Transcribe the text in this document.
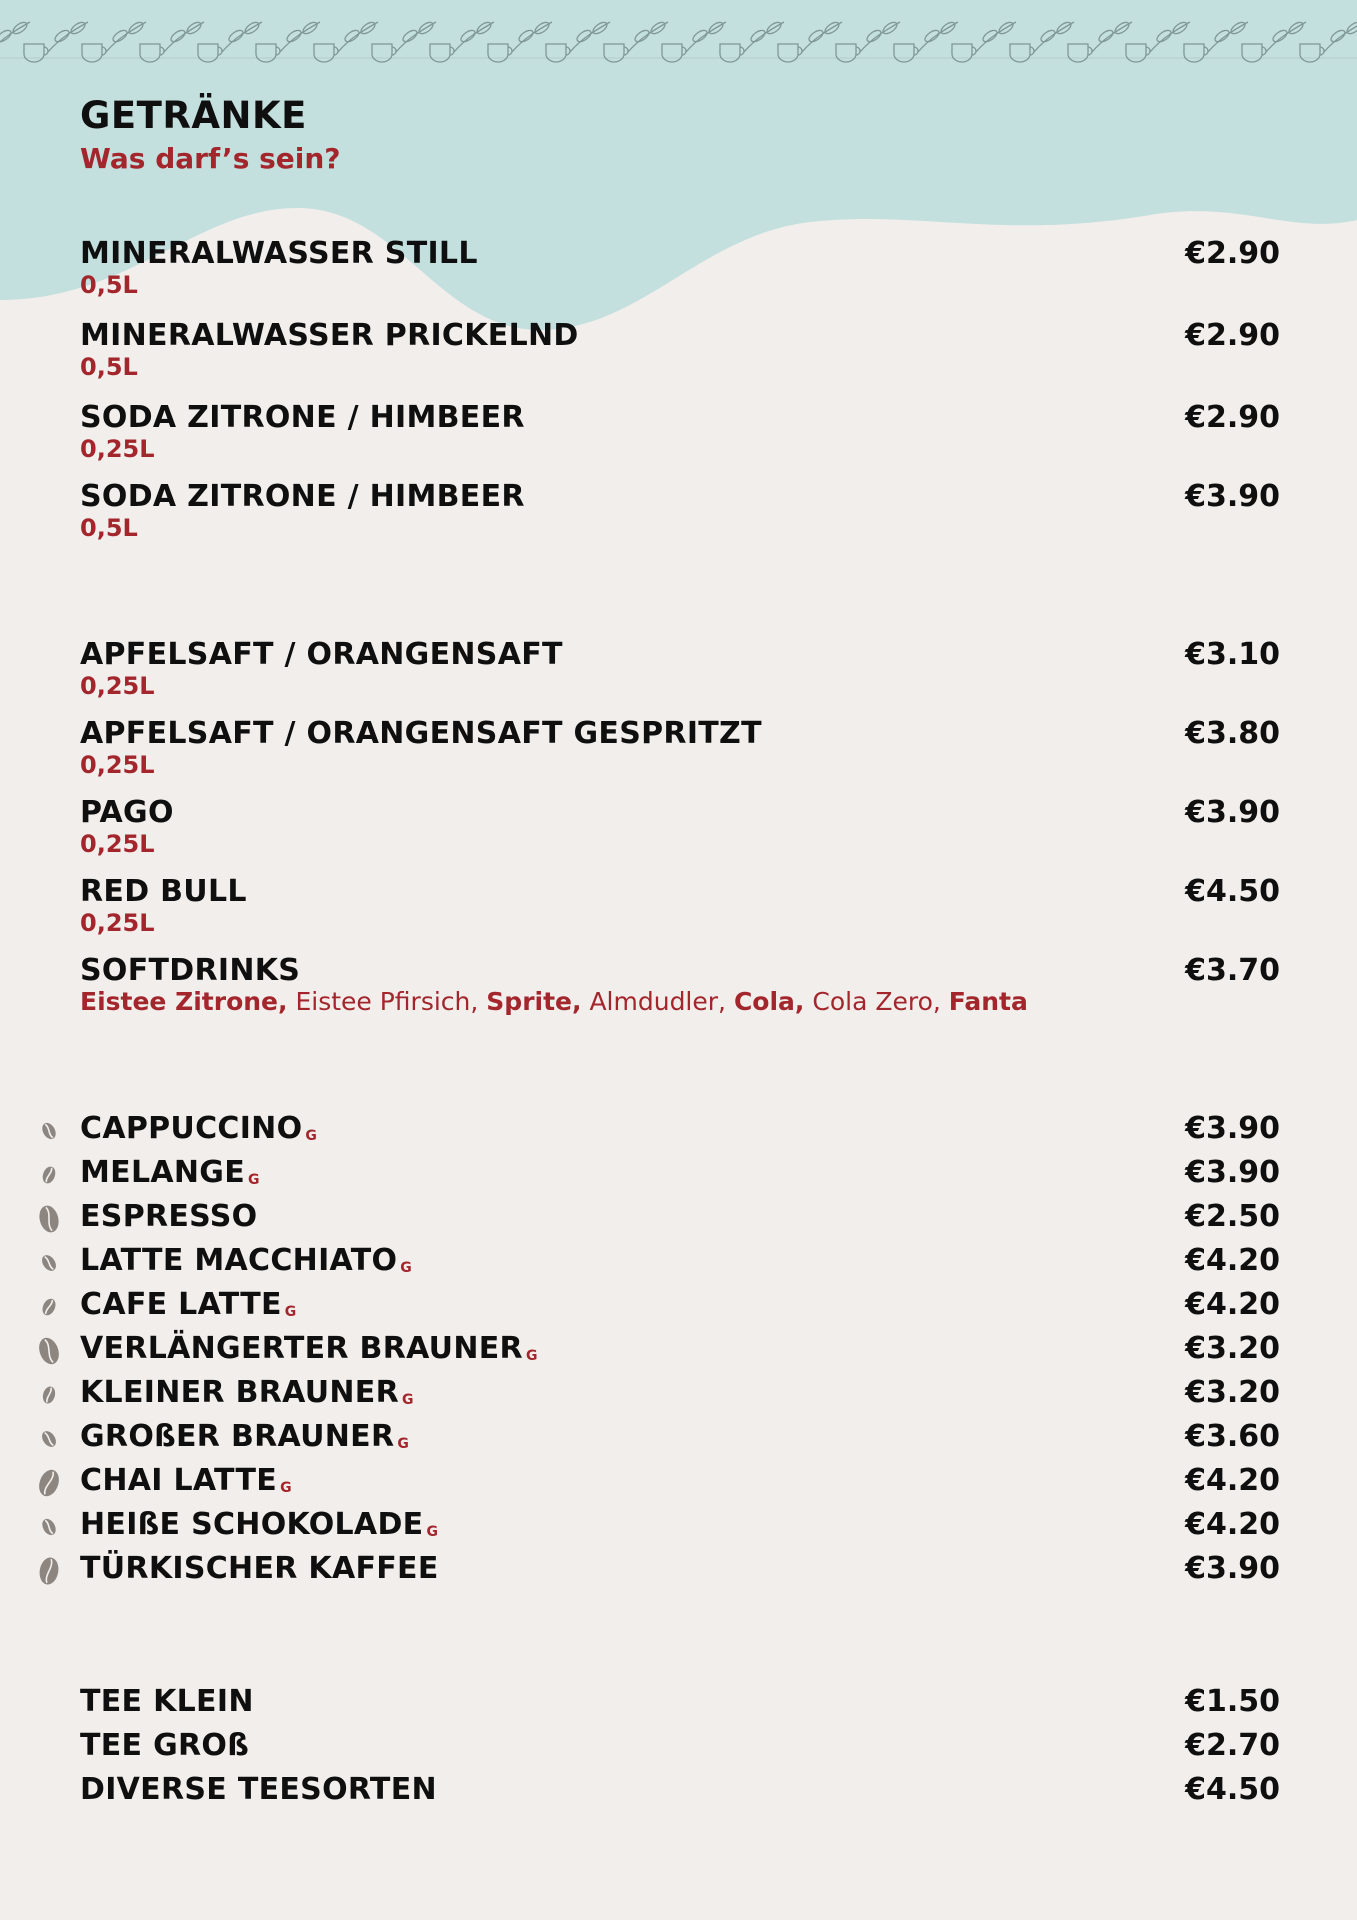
GETRÄNKE
Was darf’s sein?
MINERALWASSER STILL
0,5L
€2.90
MINERALWASSER PRICKELND
0,5L
€2.90
SODA ZITRONE / HIMBEER
0,25L
€2.90
SODA ZITRONE / HIMBEER
0,5L
€3.90
APFELSAFT / ORANGENSAFT
0,25L
€3.10
APFELSAFT / ORANGENSAFT GESPRITZT
0,25L
€3.80
PAGO
0,25L
€3.90
RED BULL
0,25L
€4.50
SOFTDRINKS
Eistee Zitrone, Eistee Pfirsich, Sprite, Almdudler, Cola, Cola Zero, Fanta
€3.70
CAPPUCCINO G	€3.90
MELANGE G	€3.90
ESPRESSO	€2.50
LATTE MACCHIATO G	€4.20
CAFE LATTE G	€4.20
VERLÄNGERTER BRAUNER G	€3.20
KLEINER BRAUNER G	€3.20
GROßER BRAUNER G	€3.60
CHAI LATTE G	€4.20
HEIßE SCHOKOLADE G	€4.20
TÜRKISCHER KAFFEE	€3.90
TEE KLEIN	€1.50
TEE GROß	€2.70
DIVERSE TEESORTEN	€4.50
